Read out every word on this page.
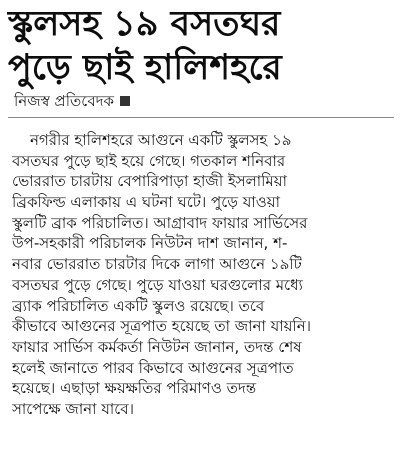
স্কুলসহ ১৯ বসতঘর
পুড়ে ছাই হালিশহরে
নিজস্ব প্রতিবেদক
নগরীর হালিশহরে আগুনে একটি স্কুলসহ ১৯
বসতঘর পুড়ে ছাই হয়ে গেছে। গতকাল শনিবার
ভোররাত চারটায় বেপারিপাড়া হাজী ইসলামিয়া
ব্রিকফিল্ড এলাকায় এ ঘটনা ঘটে। পুড়ে যাওয়া
স্কুলটি ব্রাক পরিচালিত। আগ্রাবাদ ফায়ার সার্ভিসের
উপ-সহকারী পরিচালক নিউটন দাশ জানান, শ-
নবার ভোররাত চারটার দিকে লাগা আগুনে ১৯টি
বসতঘর পুড়ে গেছে। পুড়ে যাওয়া ঘরগুলোর মধ্যে
ব্র্যাক পরিচালিত একটি স্কুলও রয়েছে। তবে
কীভাবে আগুনের সূত্রপাত হয়েছে তা জানা যায়নি।
ফায়ার সার্ভিস কর্মকর্তা নিউটন জানান, তদন্ত শেষ
হলেই জানাতে পারব কিভাবে আগুনের সূত্রপাত
হয়েছে। এছাড়া ক্ষয়ক্ষতির পরিমাণও তদন্ত
সাপেক্ষে জানা যাবে।
